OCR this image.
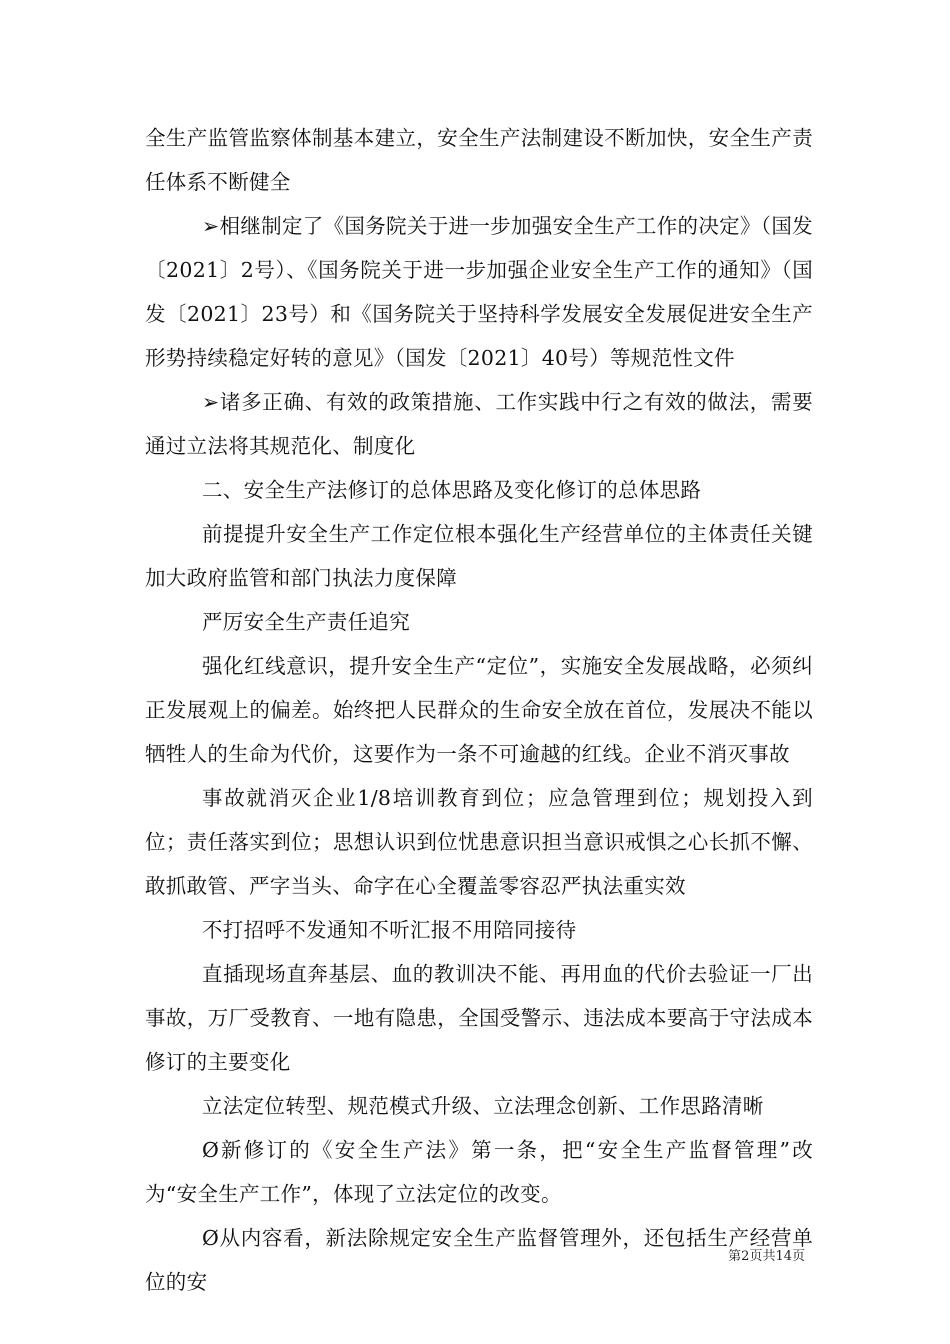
全生产监管监察体制基本建立，安全生产法制建设不断加快，安全生产责任体系不断健全

➢相继制定了《国务院关于进一步加强安全生产工作的决定》（国发〔2021〕2号）、《国务院关于进一步加强企业安全生产工作的通知》（国发〔2021〕23号）和《国务院关于坚持科学发展安全发展促进安全生产形势持续稳定好转的意见》（国发〔2021〕40号）等规范性文件

➢诸多正确、有效的政策措施、工作实践中行之有效的做法，需要通过立法将其规范化、制度化

二、安全生产法修订的总体思路及变化修订的总体思路

前提提升安全生产工作定位根本强化生产经营单位的主体责任关键加大政府监管和部门执法力度保障

严厉安全生产责任追究

强化红线意识，提升安全生产“定位”，实施安全发展战略，必须纠正发展观上的偏差。始终把人民群众的生命安全放在首位，发展决不能以牺牲人的生命为代价，这要作为一条不可逾越的红线。企业不消灭事故

事故就消灭企业1/8培训教育到位；应急管理到位；规划投入到位；责任落实到位；思想认识到位忧患意识担当意识戒惧之心长抓不懈、敢抓敢管、严字当头、命字在心全覆盖零容忍严执法重实效

不打招呼不发通知不听汇报不用陪同接待

直插现场直奔基层、血的教训决不能、再用血的代价去验证一厂出事故，万厂受教育、一地有隐患，全国受警示、违法成本要高于守法成本修订的主要变化

立法定位转型、规范模式升级、立法理念创新、工作思路清晰

Ø新修订的《安全生产法》第一条，把“安全生产监督管理”改为“安全生产工作”，体现了立法定位的改变。

Ø从内容看，新法除规定安全生产监督管理外，还包括生产经营单位的安

第2页共14页
